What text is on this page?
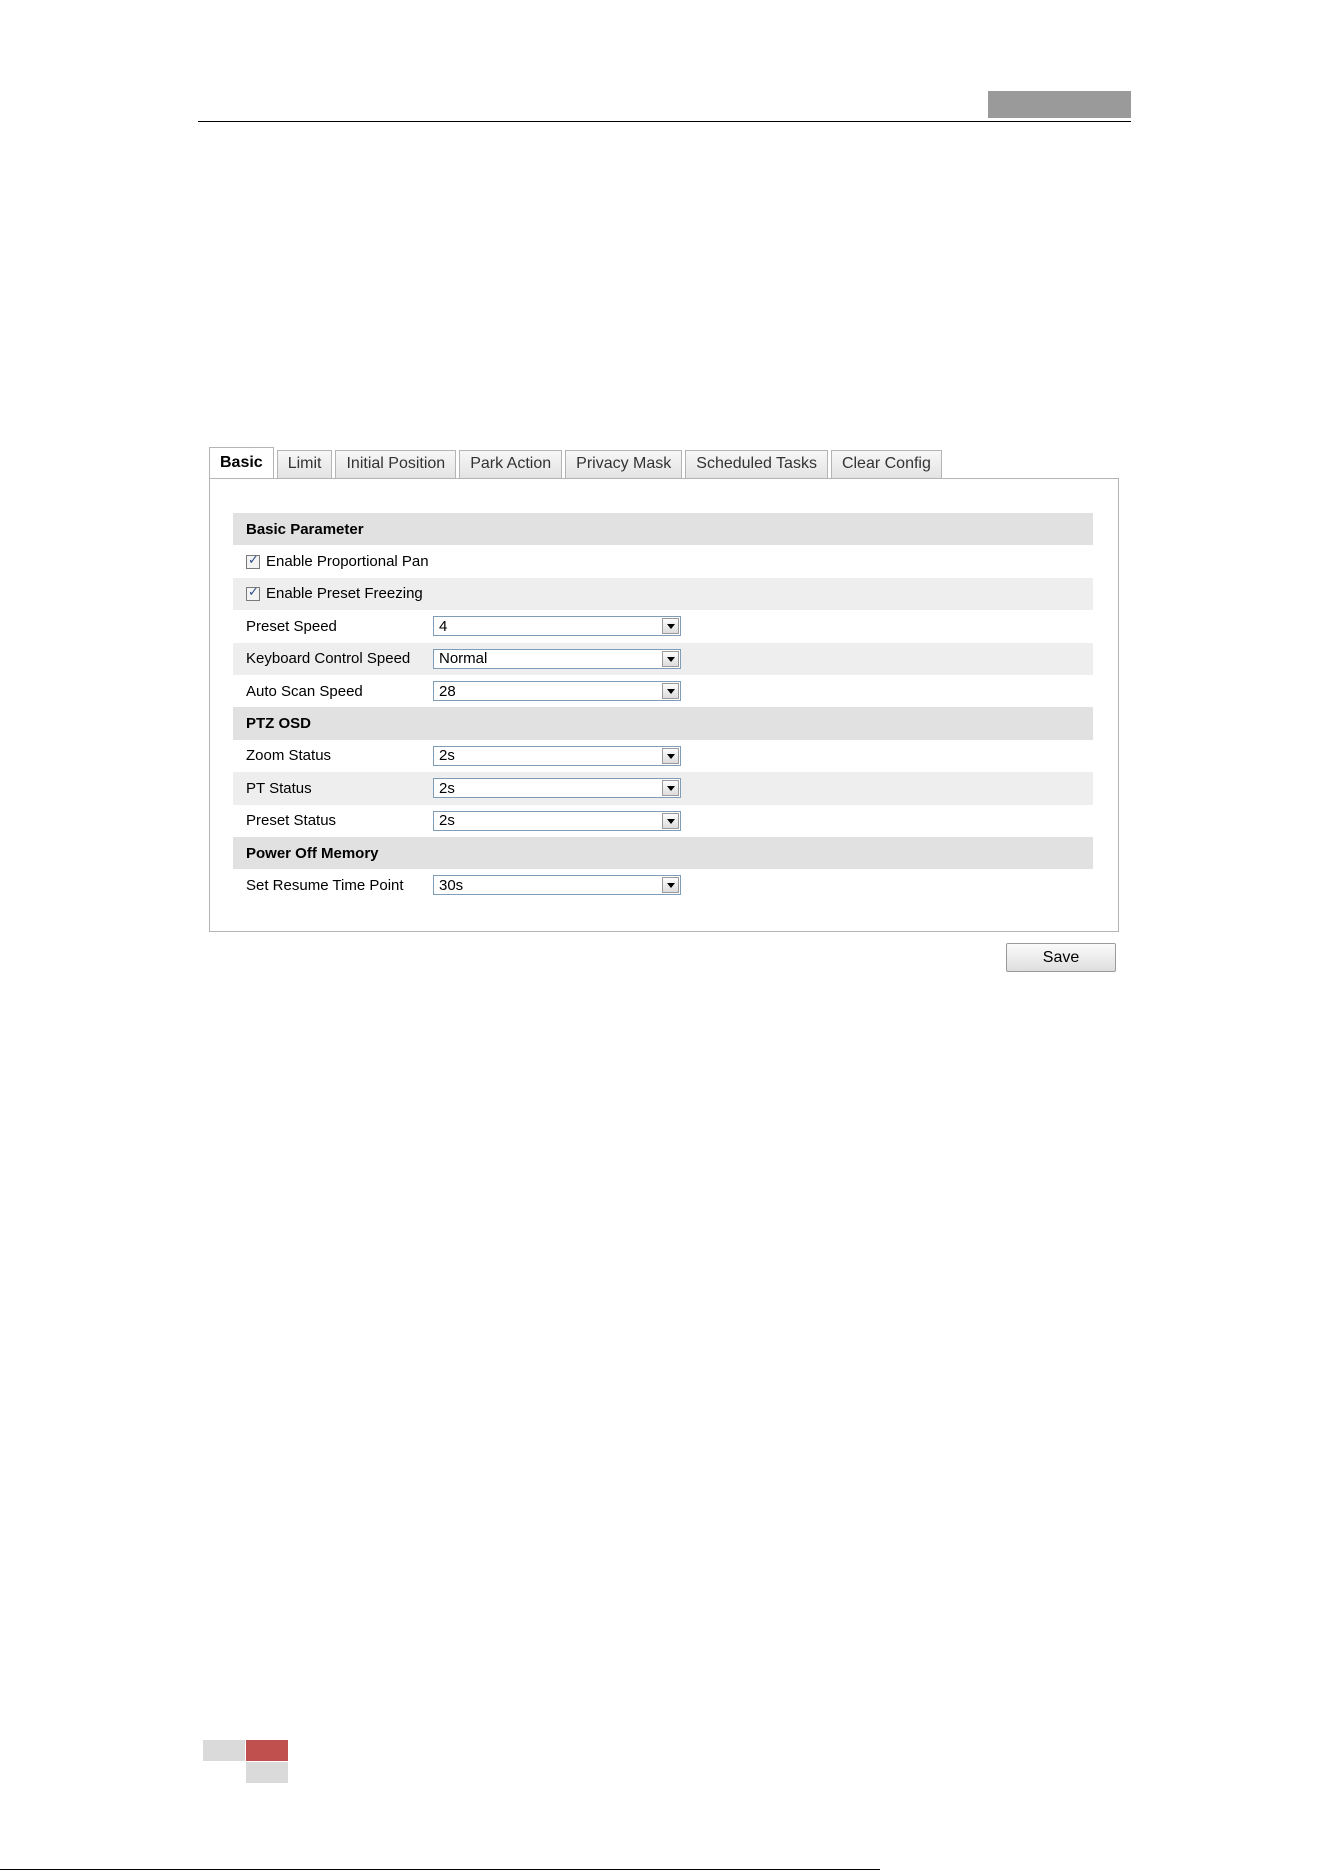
Basic	Limit	Initial Position	Park Action	Privacy Mask	Scheduled Tasks	Clear Config
Basic Parameter
✓
Enable Proportional Pan
✓
Enable Preset Freezing
Preset Speed	4
Keyboard Control Speed	Normal
Auto Scan Speed	28
PTZ OSD
Zoom Status	2s
PT Status	2s
Preset Status	2s
Power Off Memory
Set Resume Time Point	30s
Save
